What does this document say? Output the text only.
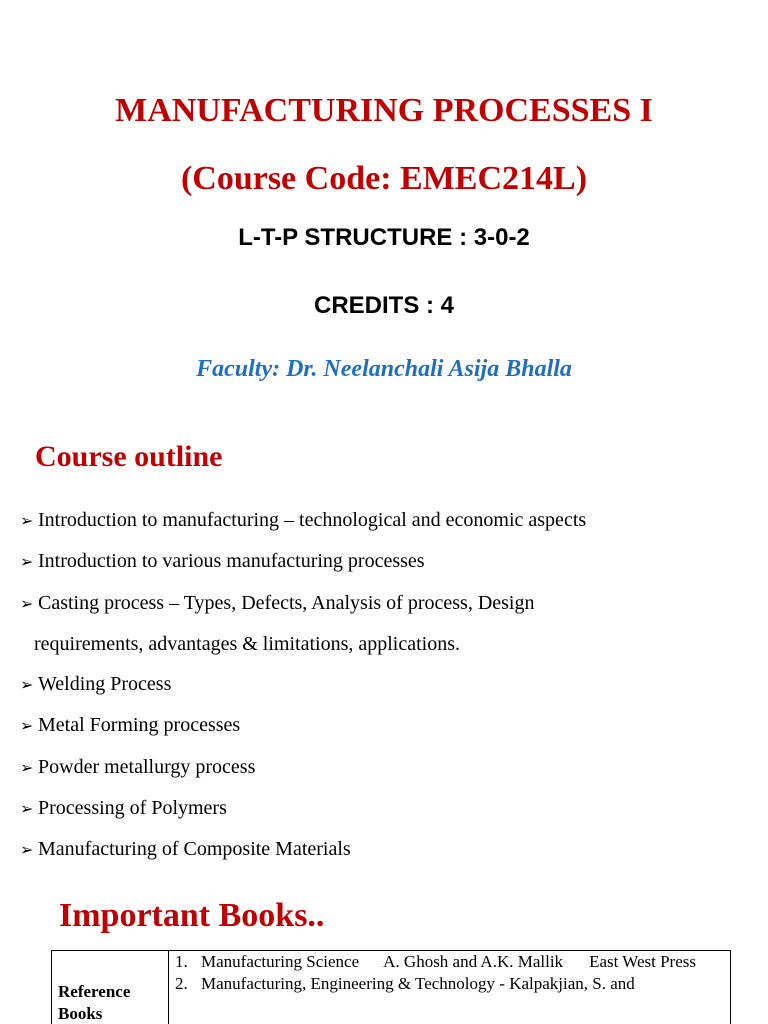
MANUFACTURING PROCESSES I
(Course Code: EMEC214L)
L-T-P STRUCTURE : 3-0-2
CREDITS : 4
Faculty: Dr. Neelanchali Asija Bhalla
Course outline
➢ Introduction to manufacturing – technological and economic aspects
➢ Introduction to various manufacturing processes
➢ Casting process – Types, Defects, Analysis of process, Design
requirements, advantages & limitations, applications.
➢ Welding Process
➢ Metal Forming processes
➢ Powder metallurgy process
➢ Processing of Polymers
➢ Manufacturing of Composite Materials
Important Books..
Reference Books	
1. Manufacturing Science A. Ghosh and A.K. Mallik East West Press
2. Manufacturing, Engineering & Technology - Kalpakjian, S. and
